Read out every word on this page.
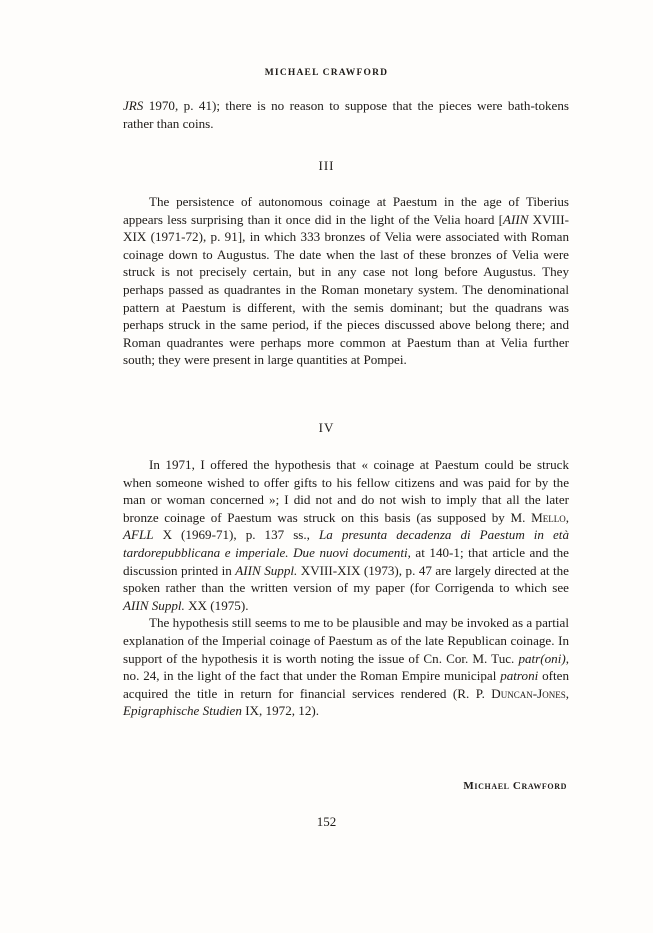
MICHAEL CRAWFORD

JRS 1970, p. 41); there is no reason to suppose that the pieces were bath-tokens rather than coins.

III

The persistence of autonomous coinage at Paestum in the age of Tiberius appears less surprising than it once did in the light of the Velia hoard [AIIN XVIII-XIX (1971-72), p. 91], in which 333 bronzes of Velia were associated with Roman coinage down to Augustus. The date when the last of these bronzes of Velia were struck is not precisely certain, but in any case not long before Augustus. They perhaps passed as quadrantes in the Roman monetary system. The denominational pattern at Paestum is different, with the semis dominant; but the quadrans was perhaps struck in the same period, if the pieces discussed above belong there; and Roman quadrantes were perhaps more common at Paestum than at Velia further south; they were present in large quantities at Pompei.

IV

In 1971, I offered the hypothesis that « coinage at Paestum could be struck when someone wished to offer gifts to his fellow citizens and was paid for by the man or woman concerned »; I did not and do not wish to imply that all the later bronze coinage of Paestum was struck on this basis (as supposed by M. Mello, AFLL X (1969-71), p. 137 ss., La presunta decadenza di Paestum in età tardorepubblicana e imperiale. Due nuovi documenti, at 140-1; that article and the discussion printed in AIIN Suppl. XVIII-XIX (1973), p. 47 are largely directed at the spoken rather than the written version of my paper (for Corrigenda to which see AIIN Suppl. XX (1975).

The hypothesis still seems to me to be plausible and may be invoked as a partial explanation of the Imperial coinage of Paestum as of the late Republican coinage. In support of the hypothesis it is worth noting the issue of Cn. Cor. M. Tuc. patr(oni), no. 24, in the light of the fact that under the Roman Empire municipal patroni often acquired the title in return for financial services rendered (R. P. Duncan-Jones, Epigraphische Studien IX, 1972, 12).

Michael Crawford
152
